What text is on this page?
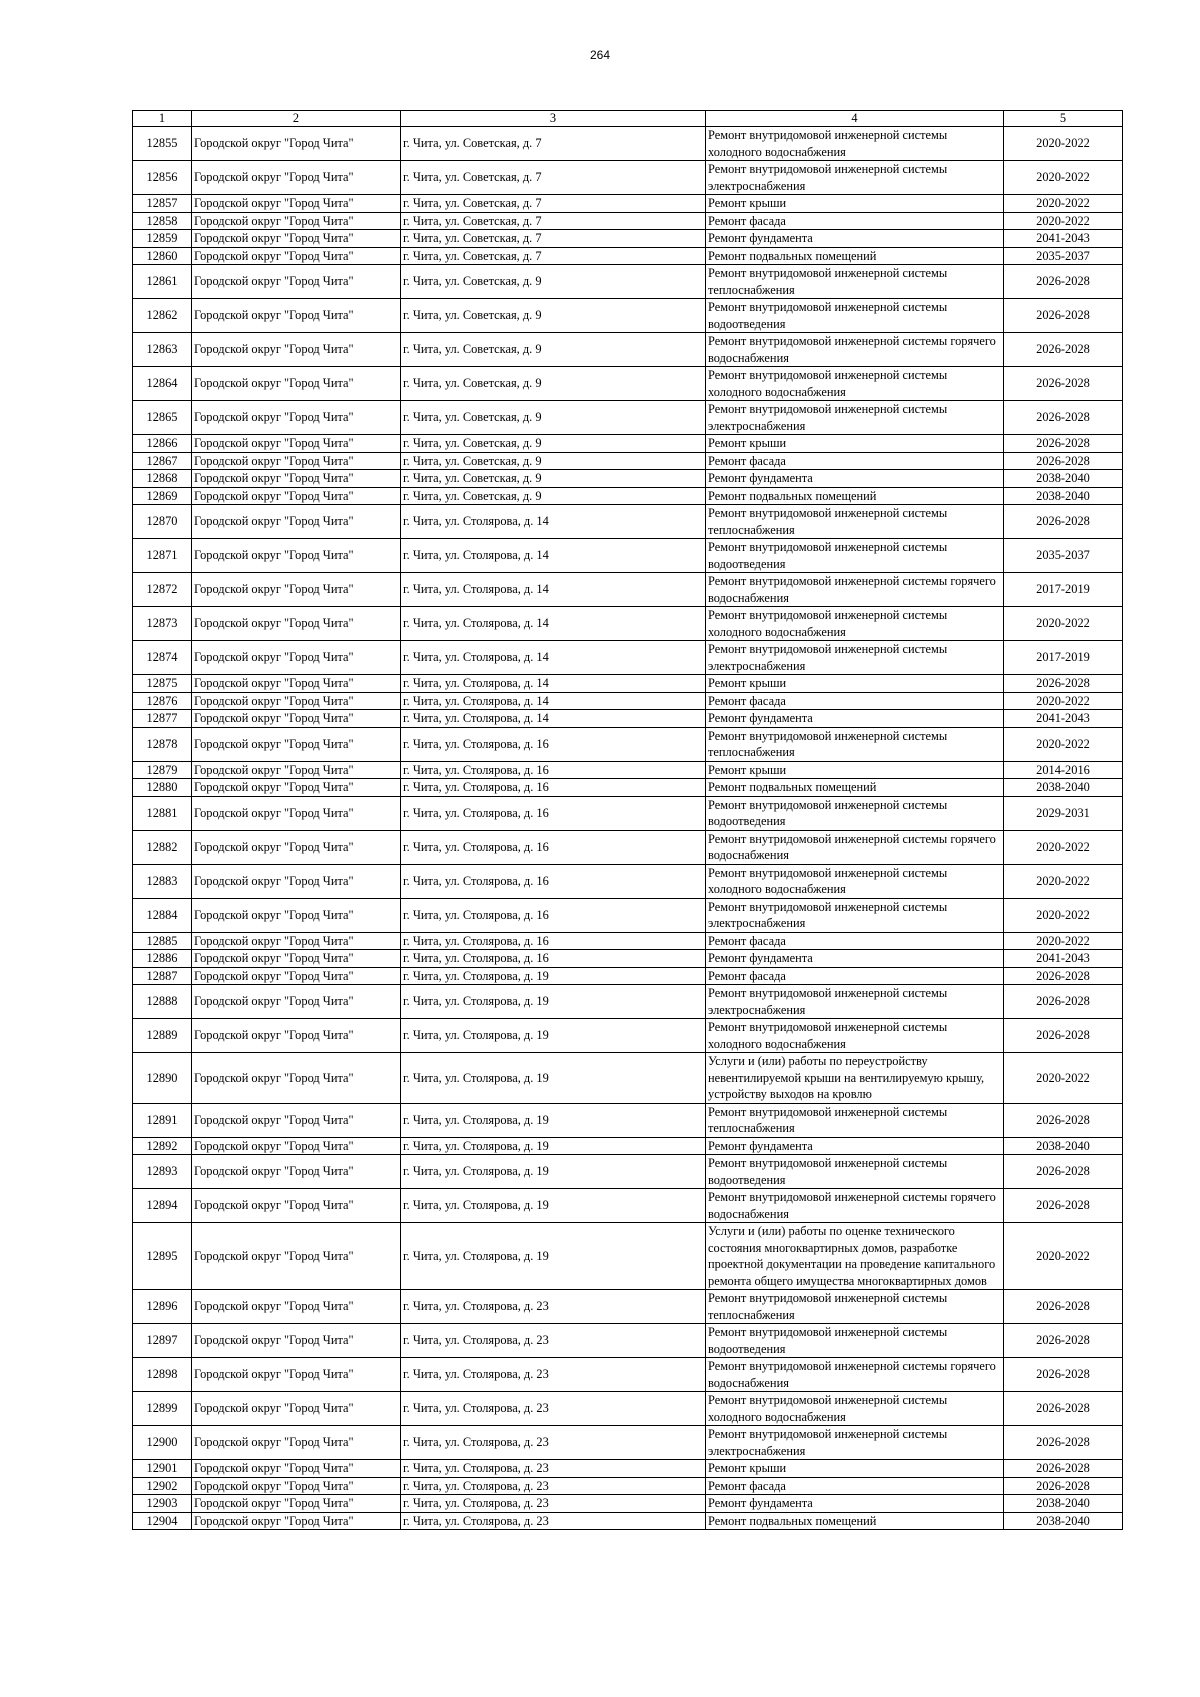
264
1	2	3	4	5
12855	Городской округ "Город Чита"	г. Чита, ул. Советская, д. 7	Ремонт внутридомовой инженерной системы холодного водоснабжения	2020-2022
12856	Городской округ "Город Чита"	г. Чита, ул. Советская, д. 7	Ремонт внутридомовой инженерной системы электроснабжения	2020-2022
12857	Городской округ "Город Чита"	г. Чита, ул. Советская, д. 7	Ремонт крыши	2020-2022
12858	Городской округ "Город Чита"	г. Чита, ул. Советская, д. 7	Ремонт фасада	2020-2022
12859	Городской округ "Город Чита"	г. Чита, ул. Советская, д. 7	Ремонт фундамента	2041-2043
12860	Городской округ "Город Чита"	г. Чита, ул. Советская, д. 7	Ремонт подвальных помещений	2035-2037
12861	Городской округ "Город Чита"	г. Чита, ул. Советская, д. 9	Ремонт внутридомовой инженерной системы теплоснабжения	2026-2028
12862	Городской округ "Город Чита"	г. Чита, ул. Советская, д. 9	Ремонт внутридомовой инженерной системы водоотведения	2026-2028
12863	Городской округ "Город Чита"	г. Чита, ул. Советская, д. 9	Ремонт внутридомовой инженерной системы горячего водоснабжения	2026-2028
12864	Городской округ "Город Чита"	г. Чита, ул. Советская, д. 9	Ремонт внутридомовой инженерной системы холодного водоснабжения	2026-2028
12865	Городской округ "Город Чита"	г. Чита, ул. Советская, д. 9	Ремонт внутридомовой инженерной системы электроснабжения	2026-2028
12866	Городской округ "Город Чита"	г. Чита, ул. Советская, д. 9	Ремонт крыши	2026-2028
12867	Городской округ "Город Чита"	г. Чита, ул. Советская, д. 9	Ремонт фасада	2026-2028
12868	Городской округ "Город Чита"	г. Чита, ул. Советская, д. 9	Ремонт фундамента	2038-2040
12869	Городской округ "Город Чита"	г. Чита, ул. Советская, д. 9	Ремонт подвальных помещений	2038-2040
12870	Городской округ "Город Чита"	г. Чита, ул. Столярова, д. 14	Ремонт внутридомовой инженерной системы теплоснабжения	2026-2028
12871	Городской округ "Город Чита"	г. Чита, ул. Столярова, д. 14	Ремонт внутридомовой инженерной системы водоотведения	2035-2037
12872	Городской округ "Город Чита"	г. Чита, ул. Столярова, д. 14	Ремонт внутридомовой инженерной системы горячего водоснабжения	2017-2019
12873	Городской округ "Город Чита"	г. Чита, ул. Столярова, д. 14	Ремонт внутридомовой инженерной системы холодного водоснабжения	2020-2022
12874	Городской округ "Город Чита"	г. Чита, ул. Столярова, д. 14	Ремонт внутридомовой инженерной системы электроснабжения	2017-2019
12875	Городской округ "Город Чита"	г. Чита, ул. Столярова, д. 14	Ремонт крыши	2026-2028
12876	Городской округ "Город Чита"	г. Чита, ул. Столярова, д. 14	Ремонт фасада	2020-2022
12877	Городской округ "Город Чита"	г. Чита, ул. Столярова, д. 14	Ремонт фундамента	2041-2043
12878	Городской округ "Город Чита"	г. Чита, ул. Столярова, д. 16	Ремонт внутридомовой инженерной системы теплоснабжения	2020-2022
12879	Городской округ "Город Чита"	г. Чита, ул. Столярова, д. 16	Ремонт крыши	2014-2016
12880	Городской округ "Город Чита"	г. Чита, ул. Столярова, д. 16	Ремонт подвальных помещений	2038-2040
12881	Городской округ "Город Чита"	г. Чита, ул. Столярова, д. 16	Ремонт внутридомовой инженерной системы водоотведения	2029-2031
12882	Городской округ "Город Чита"	г. Чита, ул. Столярова, д. 16	Ремонт внутридомовой инженерной системы горячего водоснабжения	2020-2022
12883	Городской округ "Город Чита"	г. Чита, ул. Столярова, д. 16	Ремонт внутридомовой инженерной системы холодного водоснабжения	2020-2022
12884	Городской округ "Город Чита"	г. Чита, ул. Столярова, д. 16	Ремонт внутридомовой инженерной системы электроснабжения	2020-2022
12885	Городской округ "Город Чита"	г. Чита, ул. Столярова, д. 16	Ремонт фасада	2020-2022
12886	Городской округ "Город Чита"	г. Чита, ул. Столярова, д. 16	Ремонт фундамента	2041-2043
12887	Городской округ "Город Чита"	г. Чита, ул. Столярова, д. 19	Ремонт фасада	2026-2028
12888	Городской округ "Город Чита"	г. Чита, ул. Столярова, д. 19	Ремонт внутридомовой инженерной системы электроснабжения	2026-2028
12889	Городской округ "Город Чита"	г. Чита, ул. Столярова, д. 19	Ремонт внутридомовой инженерной системы холодного водоснабжения	2026-2028
12890	Городской округ "Город Чита"	г. Чита, ул. Столярова, д. 19	Услуги и (или) работы по переустройству невентилируемой крыши на вентилируемую крышу, устройству выходов на кровлю	2020-2022
12891	Городской округ "Город Чита"	г. Чита, ул. Столярова, д. 19	Ремонт внутридомовой инженерной системы теплоснабжения	2026-2028
12892	Городской округ "Город Чита"	г. Чита, ул. Столярова, д. 19	Ремонт фундамента	2038-2040
12893	Городской округ "Город Чита"	г. Чита, ул. Столярова, д. 19	Ремонт внутридомовой инженерной системы водоотведения	2026-2028
12894	Городской округ "Город Чита"	г. Чита, ул. Столярова, д. 19	Ремонт внутридомовой инженерной системы горячего водоснабжения	2026-2028
12895	Городской округ "Город Чита"	г. Чита, ул. Столярова, д. 19	Услуги и (или) работы по оценке технического состояния многоквартирных домов, разработке проектной документации на проведение капитального ремонта общего имущества многоквартирных домов	2020-2022
12896	Городской округ "Город Чита"	г. Чита, ул. Столярова, д. 23	Ремонт внутридомовой инженерной системы теплоснабжения	2026-2028
12897	Городской округ "Город Чита"	г. Чита, ул. Столярова, д. 23	Ремонт внутридомовой инженерной системы водоотведения	2026-2028
12898	Городской округ "Город Чита"	г. Чита, ул. Столярова, д. 23	Ремонт внутридомовой инженерной системы горячего водоснабжения	2026-2028
12899	Городской округ "Город Чита"	г. Чита, ул. Столярова, д. 23	Ремонт внутридомовой инженерной системы холодного водоснабжения	2026-2028
12900	Городской округ "Город Чита"	г. Чита, ул. Столярова, д. 23	Ремонт внутридомовой инженерной системы электроснабжения	2026-2028
12901	Городской округ "Город Чита"	г. Чита, ул. Столярова, д. 23	Ремонт крыши	2026-2028
12902	Городской округ "Город Чита"	г. Чита, ул. Столярова, д. 23	Ремонт фасада	2026-2028
12903	Городской округ "Город Чита"	г. Чита, ул. Столярова, д. 23	Ремонт фундамента	2038-2040
12904	Городской округ "Город Чита"	г. Чита, ул. Столярова, д. 23	Ремонт подвальных помещений	2038-2040
